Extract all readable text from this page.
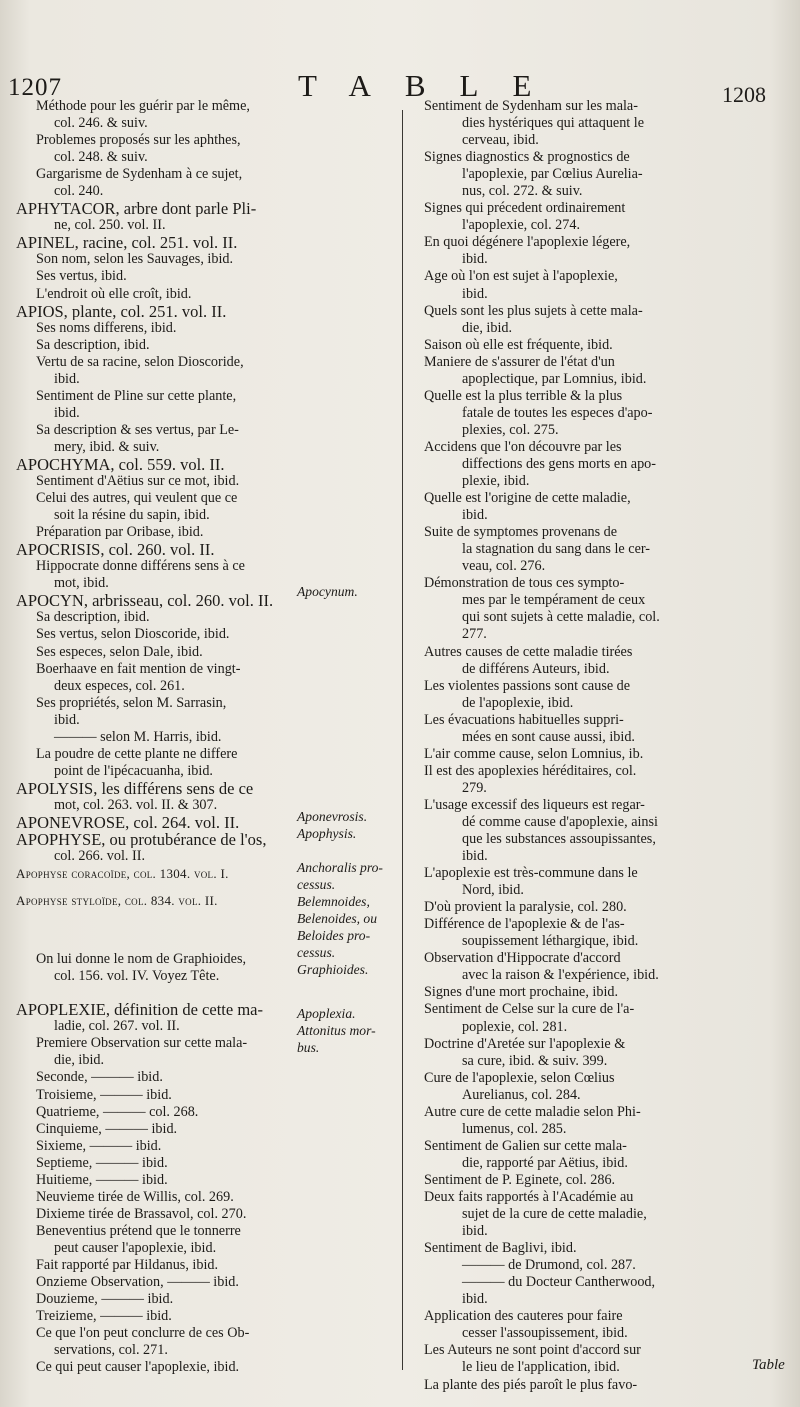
1207	TABLE	1208
Méthode pour les guérir par le même,
col. 246. & suiv.
Problemes proposés sur les aphthes,
col. 248. & suiv.
Gargarisme de Sydenham à ce sujet,
col. 240.
APHYTACOR, arbre dont parle Pli-
ne, col. 250. vol. II.
APINEL, racine, col. 251. vol. II.
Son nom, selon les Sauvages, ibid.
Ses vertus, ibid.
L'endroit où elle croît, ibid.
APIOS, plante, col. 251. vol. II.
Ses noms differens, ibid.
Sa description, ibid.
Vertu de sa racine, selon Dioscoride,
ibid.
Sentiment de Pline sur cette plante,
ibid.
Sa description & ses vertus, par Le-
mery, ibid. & suiv.
APOCHYMA, col. 559. vol. II.
Sentiment d'Aëtius sur ce mot, ibid.
Celui des autres, qui veulent que ce
soit la résine du sapin, ibid.
Préparation par Oribase, ibid.
APOCRISIS, col. 260. vol. II.
Hippocrate donne différens sens à ce
mot, ibid.
APOCYN, arbrisseau, col. 260. vol. II.
Sa description, ibid.
Ses vertus, selon Dioscoride, ibid.
Ses especes, selon Dale, ibid.
Boerhaave en fait mention de vingt-
deux especes, col. 261.
Ses propriétés, selon M. Sarrasin,
ibid.
——— selon M. Harris, ibid.
La poudre de cette plante ne differe
point de l'ipécacuanha, ibid.
APOLYSIS, les différens sens de ce
mot, col. 263. vol. II. & 307.
APONEVROSE, col. 264. vol. II.
APOPHYSE, ou protubérance de l'os,
col. 266. vol. II.
Apophyse coracoïde, col. 1304. vol. I.
Apophyse styloïde, col. 834. vol. II.
On lui donne le nom de Graphioides,
col. 156. vol. IV. Voyez Tête.
APOPLEXIE, définition de cette ma-
ladie, col. 267. vol. II.
Premiere Observation sur cette mala-
die, ibid.
Seconde, ——— ibid.
Troisieme, ——— ibid.
Quatrieme, ——— col. 268.
Cinquieme, ——— ibid.
Sixieme, ——— ibid.
Septieme, ——— ibid.
Huitieme, ——— ibid.
Neuvieme tirée de Willis, col. 269.
Dixieme tirée de Brassavol, col. 270.
Beneventius prétend que le tonnerre
peut causer l'apoplexie, ibid.
Fait rapporté par Hildanus, ibid.
Onzieme Observation, ——— ibid.
Douzieme, ——— ibid.
Treizieme, ——— ibid.
Ce que l'on peut conclurre de ces Ob-
servations, col. 271.
Ce qui peut causer l'apoplexie, ibid.
Apocynum.
Aponevrosis.
Apophysis.
Anchoralis pro-
cessus.
Belemnoides,
Belenoides, ou
Beloides pro-
cessus.
Graphioides.
Apoplexia.
Attonitus mor-
bus.
Sentiment de Sydenham sur les mala-
dies hystériques qui attaquent le
cerveau, ibid.
Signes diagnostics & prognostics de
l'apoplexie, par Cœlius Aurelia-
nus, col. 272. & suiv.
Signes qui précedent ordinairement
l'apoplexie, col. 274.
En quoi dégénere l'apoplexie légere,
ibid.
Age où l'on est sujet à l'apoplexie,
ibid.
Quels sont les plus sujets à cette mala-
die, ibid.
Saison où elle est fréquente, ibid.
Maniere de s'assurer de l'état d'un
apoplectique, par Lomnius, ibid.
Quelle est la plus terrible & la plus
fatale de toutes les especes d'apo-
plexies, col. 275.
Accidens que l'on découvre par les
diffections des gens morts en apo-
plexie, ibid.
Quelle est l'origine de cette maladie,
ibid.
Suite de symptomes provenans de
la stagnation du sang dans le cer-
veau, col. 276.
Démonstration de tous ces sympto-
mes par le tempérament de ceux
qui sont sujets à cette maladie, col.
277.
Autres causes de cette maladie tirées
de différens Auteurs, ibid.
Les violentes passions sont cause de
de l'apoplexie, ibid.
Les évacuations habituelles suppri-
mées en sont cause aussi, ibid.
L'air comme cause, selon Lomnius, ib.
Il est des apoplexies héréditaires, col.
279.
L'usage excessif des liqueurs est regar-
dé comme cause d'apoplexie, ainsi
que les substances assoupissantes,
ibid.
L'apoplexie est très-commune dans le
Nord, ibid.
D'où provient la paralysie, col. 280.
Différence de l'apoplexie & de l'as-
soupissement léthargique, ibid.
Observation d'Hippocrate d'accord
avec la raison & l'expérience, ibid.
Signes d'une mort prochaine, ibid.
Sentiment de Celse sur la cure de l'a-
poplexie, col. 281.
Doctrine d'Aretée sur l'apoplexie &
sa cure, ibid. & suiv. 399.
Cure de l'apoplexie, selon Cœlius
Aurelianus, col. 284.
Autre cure de cette maladie selon Phi-
lumenus, col. 285.
Sentiment de Galien sur cette mala-
die, rapporté par Aëtius, ibid.
Sentiment de P. Eginete, col. 286.
Deux faits rapportés à l'Académie au
sujet de la cure de cette maladie,
ibid.
Sentiment de Baglivi, ibid.
——— de Drumond, col. 287.
——— du Docteur Cantherwood,
ibid.
Application des cauteres pour faire
cesser l'assoupissement, ibid.
Les Auteurs ne sont point d'accord sur
le lieu de l'application, ibid.
La plante des piés paroît le plus favo-
Table
